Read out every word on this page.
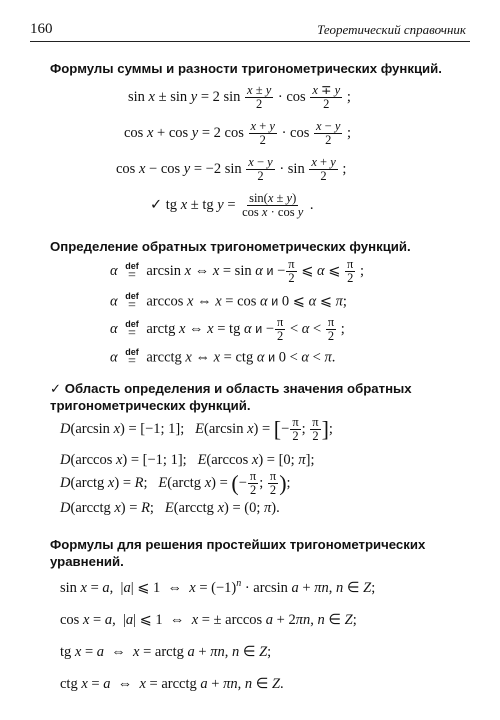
160	Теоретический справочник
Формулы суммы и разности тригонометрических функций.
sin x ± sin y = 2 $\sin \frac{x \pm y}{2} \cdot \cos \frac{x \mp y}{2}$ ;
cos x + cos y = 2 $\cos \frac{x + y}{2} \cdot \cos \frac{x - y}{2}$ ;
cos x − cos y = −2 $\sin \frac{x - y}{2} \cdot \sin \frac{x + y}{2}$ ;
✓ tg x ± tg $y = \frac{\sin(x \pm y)}{\text{cos x · cos y}}$ .
Определение обратных тригонометрических функций.
α def
= arcsin x ⇔ x = sin α $и - \frac{\pi}{2}$ ⩽ α ⩽ $\frac{\pi}{2}$ ;
α def
= arccos x ⇔ x = cos α и 0 ⩽ α ⩽ π;
α def
= arctg x ⇔ x = tg α $и - \frac{\pi}{2} < \alpha < \frac{\pi}{2}$ ;
α def
= arcctg x ⇔ x = ctg α и 0 < α < π.
✓ Область определения и область значения обратных
тригонометрических функций.
D(arcsin x) = [−1; 1];   E(arcsin x) = [− $\frac{\pi}{2}$ ; $\frac{\pi}{2}$ ];
D(arccos x) = [−1; 1];   E(arccos x) = [0; π];
D(arctg x) = R;   E(arctg x) = (− $\frac{\pi}{2}$ ; $\frac{\pi}{2}$ );
D(arcctg x) = R;   E(arcctg x) = (0; π).
Формулы для решения простейших тригонометрических
уравнений.
sin x = a,  |a| ⩽ 1  ⇔  $x = (-1)^n \cdot \arcsin a + \pi n$, n ∈ Z;
cos x = a,  |a| ⩽ 1  ⇔  x = ± arccos a + 2πn, n ∈ Z;
tg x = a  ⇔  x = arctg a + πn, n ∈ Z;
ctg x = a  ⇔  x = arcctg a + πn, n ∈ Z.
